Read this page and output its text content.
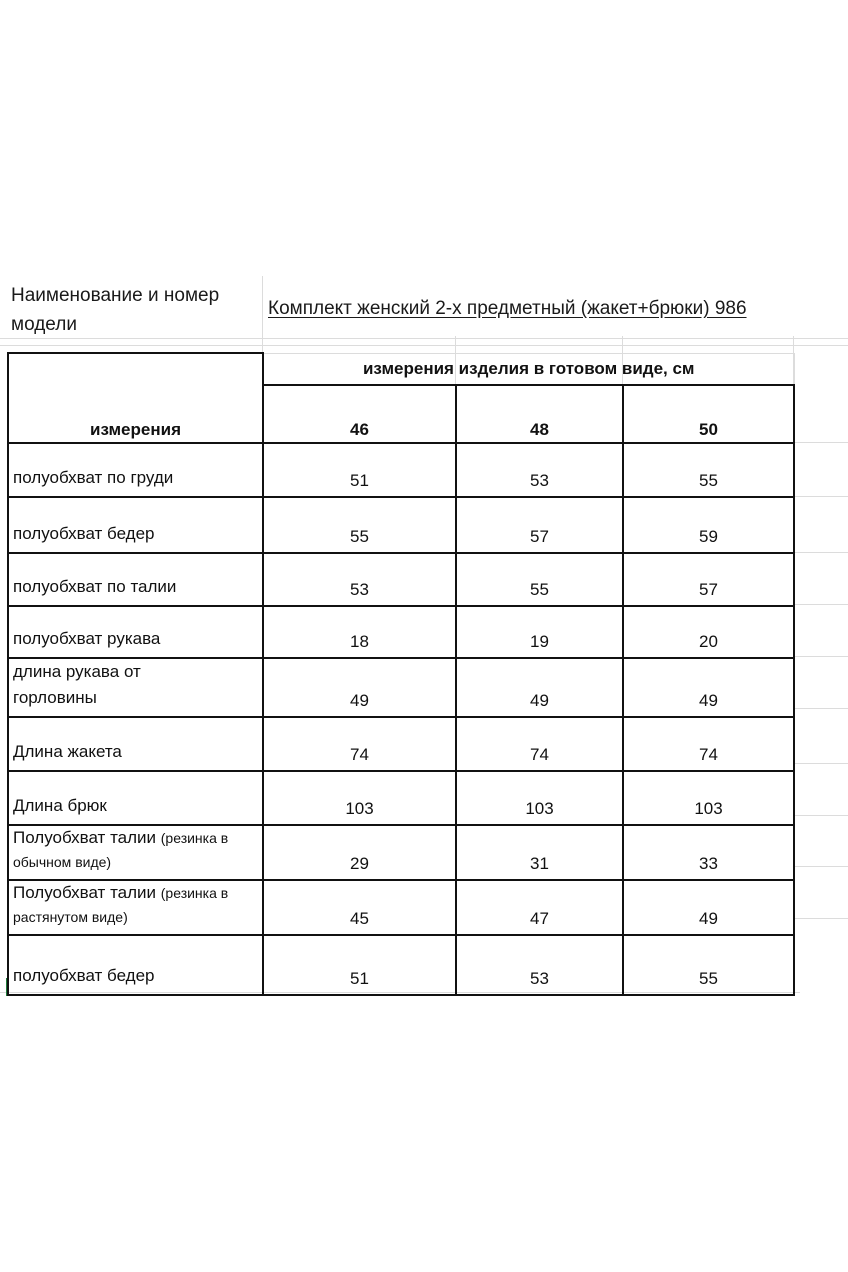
Наименование и номер модели
Комплект женский 2-х предметный (жакет+брюки) 986
измерения	измерения изделия в готовом виде, см		
	46	48	50
полуобхват по груди	51	53	55
полуобхват бедер	55	57	59
полуобхват по талии	53	55	57
полуобхват рукава	18	19	20
длина рукава от горловины	49	49	49
Длина жакета	74	74	74
Длина брюк	103	103	103
Полуобхват талии (резинка в обычном виде)	29	31	33
Полуобхват талии (резинка в растянутом виде)	45	47	49
полуобхват бедер	51	53	55
